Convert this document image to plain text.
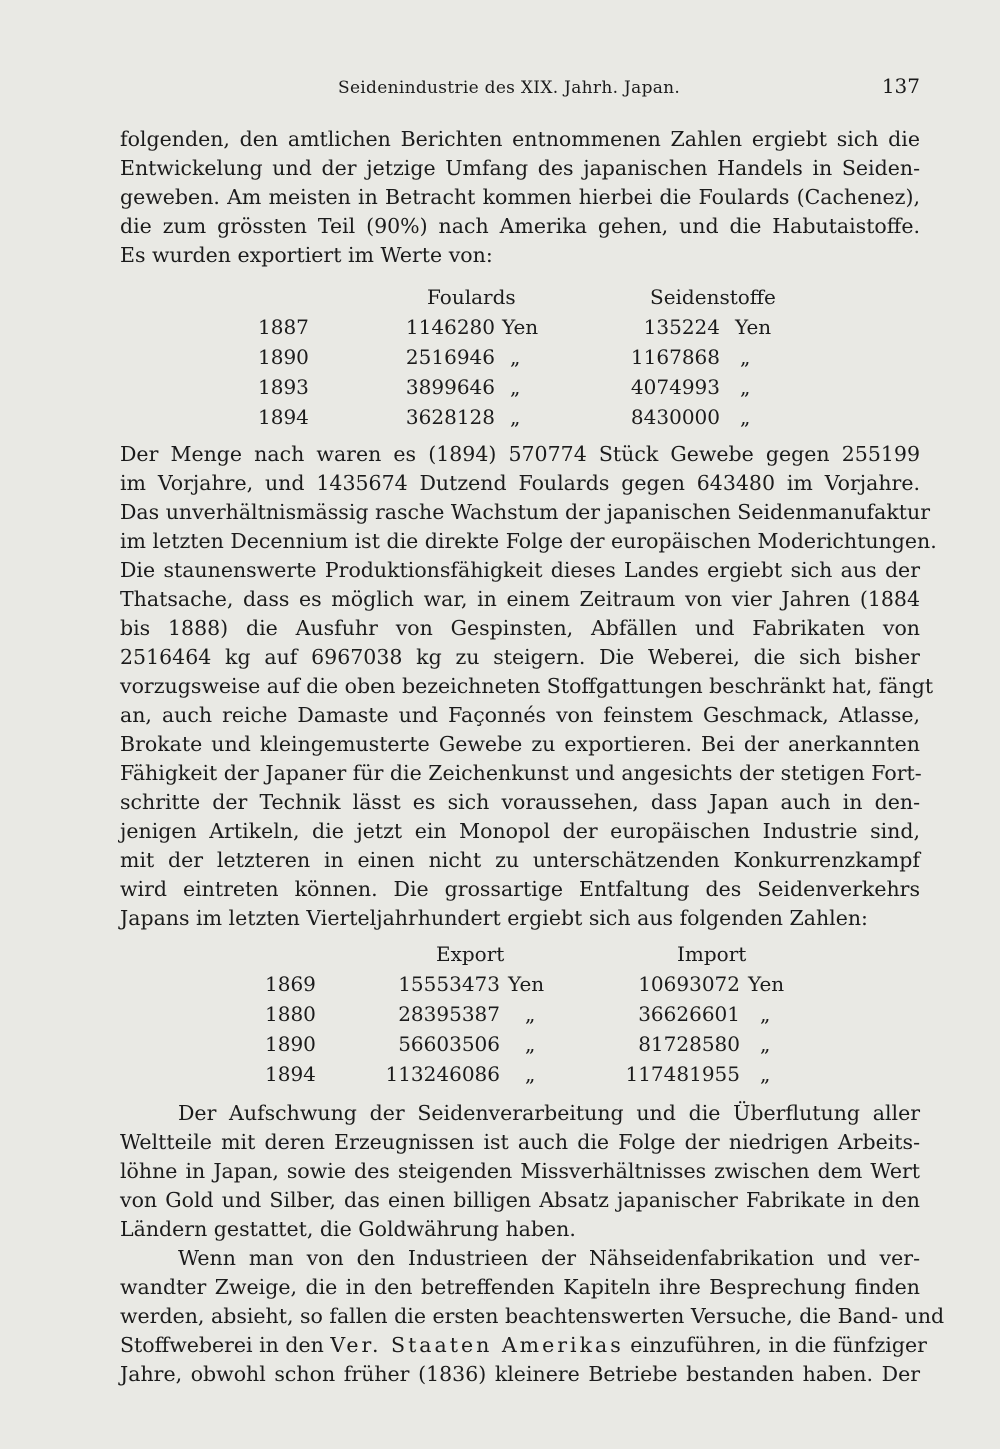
Seidenindustrie des XIX. Jahrh. Japan.	137
folgenden, den amtlichen Berichten entnommenen Zahlen ergiebt sich die
Entwickelung und der jetzige Umfang des japanischen Handels in Seiden-
geweben. Am meisten in Betracht kommen hierbei die Foulards (Cachenez),
die zum grössten Teil (90%) nach Amerika gehen, und die Habutaistoffe.
Es wurden exportiert im Werte von:
Foulards	Seidenstoffe
1887	1146280 Yen	135224 Yen
1890	2516946 „	1167868 „
1893	3899646 „	4074993 „
1894	3628128 „	8430000 „
Der Menge nach waren es (1894) 570774 Stück Gewebe gegen 255199
im Vorjahre, und 1435674 Dutzend Foulards gegen 643480 im Vorjahre.
Das unverhältnismässig rasche Wachstum der japanischen Seidenmanufaktur
im letzten Decennium ist die direkte Folge der europäischen Moderichtungen.
Die staunenswerte Produktionsfähigkeit dieses Landes ergiebt sich aus der
Thatsache, dass es möglich war, in einem Zeitraum von vier Jahren (1884
bis 1888) die Ausfuhr von Gespinsten, Abfällen und Fabrikaten von
2516464 kg auf 6967038 kg zu steigern. Die Weberei, die sich bisher
vorzugsweise auf die oben bezeichneten Stoffgattungen beschränkt hat, fängt
an, auch reiche Damaste und Façonnés von feinstem Geschmack, Atlasse,
Brokate und kleingemusterte Gewebe zu exportieren. Bei der anerkannten
Fähigkeit der Japaner für die Zeichenkunst und angesichts der stetigen Fort-
schritte der Technik lässt es sich voraussehen, dass Japan auch in den-
jenigen Artikeln, die jetzt ein Monopol der europäischen Industrie sind,
mit der letzteren in einen nicht zu unterschätzenden Konkurrenzkampf
wird eintreten können. Die grossartige Entfaltung des Seidenverkehrs
Japans im letzten Vierteljahrhundert ergiebt sich aus folgenden Zahlen:
Export	Import
1869	15553473 Yen	10693072 Yen
1880	28395387 „	36626601 „
1890	56603506 „	81728580 „
1894	113246086 „	117481955 „
Der Aufschwung der Seidenverarbeitung und die Überflutung aller
Weltteile mit deren Erzeugnissen ist auch die Folge der niedrigen Arbeits-
löhne in Japan, sowie des steigenden Missverhältnisses zwischen dem Wert
von Gold und Silber, das einen billigen Absatz japanischer Fabrikate in den
Ländern gestattet, die Goldwährung haben.
Wenn man von den Industrieen der Nähseidenfabrikation und ver-
wandter Zweige, die in den betreffenden Kapiteln ihre Besprechung finden
werden, absieht, so fallen die ersten beachtenswerten Versuche, die Band- und
Stoffweberei in den Ver. Staaten Amerikas einzuführen, in die fünfziger
Jahre, obwohl schon früher (1836) kleinere Betriebe bestanden haben. Der
